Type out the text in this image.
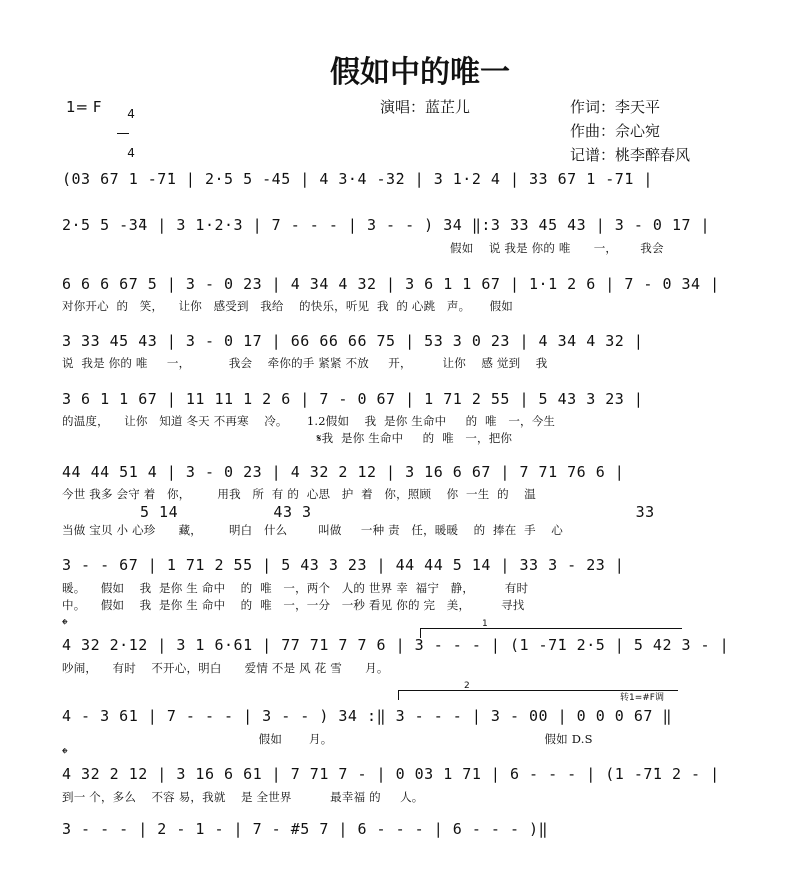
假如中的唯一
1= F	4

4

演唱：蓝芷儿	作词：李天平
作曲：佘心宛
记谱：桃李醉春风
(03 67 1 -7̄1 | 2·5 5 -4̄5 | 4 3·4 -3̄2 | 3 1·2 4 | 33 67 1 -7̄1 |
2·5 5 -3̄4 | 3 1·2·3 | 7 - - - | 3 - - ) 34 ‖:3 33 45 43 | 3 - 0 17 |
假如    说 我是 你的 唯      一，      我会
6 6 6 67 5 | 3 - 0 23 | 4 34 4 32 | 3 6 1 1 67 | 1·1 2 6 | 7 - 0 34 |
对你开心  的   笑，    让你   感受到   我给    的快乐，听见  我  的 心跳   声。     假如
3 33 45 43 | 3 - 0 17 | 66 66 66 75 | 53 3 0 23 | 4 34 4 32 |
说  我是 你的 唯     一，          我会    牵你的手 紧紧 不放     开，        让你    感 觉到    我
3 6 1 1 67 | 11 11 1 2 6 | 7 - 0 67 | 1 71 2 55 | 5 43 3 23 |
的温度，    让你   知道 冬天 不再寒    冷。     1.2假如    我  是你 生命中     的  唯   一，今生
𝄋我  是你 生命中     的  唯   一，把你
44 44 51 4 | 3 - 0 23 | 4 32 2 12 | 3 16 6 67 | 7 71 76 6 |
今世 我多 会守 着   你，       用我   所  有 的  心思   护  着   你，照顾    你  一生  的    温
5 14          43 3                                  33
当做 宝贝 小 心珍      藏，       明白   什么        叫做     一种 责   任，暖暖    的  捧在  手    心
3 - - 67 | 1 71 2 55 | 5 43 3 23 | 44 44 5 14 | 33 3 - 23 |
暖。    假如    我  是你 生 命中    的  唯   一，两个   人的 世界 幸  福宁   静，        有时
中。    假如    我  是你 生 命中    的  唯   一，一分   一秒 看见 你的 完   美，        寻找
𝄌	1
4 32 2·12 | 3 1 6·61 | 77 71 7 7 6 | 3 - - - | (1 -7̄1 2·5 | 5 42 3 - |
吵闹，    有时    不开心，明白      爱情 不是 风 花 雪      月。
2
转1=#F调
4 - 3 61 | 7 - - - | 3 - - ) 34 :‖ 3 - - - | 3 - 00 | 0 0 0 67 ‖
假如       月。                                                       假如 D.S
𝄌
4 32 2 12 | 3 16 6 61 | 7 71 7 - | 0 03 1 71 | 6 - - - | (1 -7̄1 2 - |
到一 个，多么    不容 易，我就    是 全世界          最幸福 的     人。
3 - - - | 2 - 1 - | 7 - #5 7 | 6 - - - | 6 - - - )‖
